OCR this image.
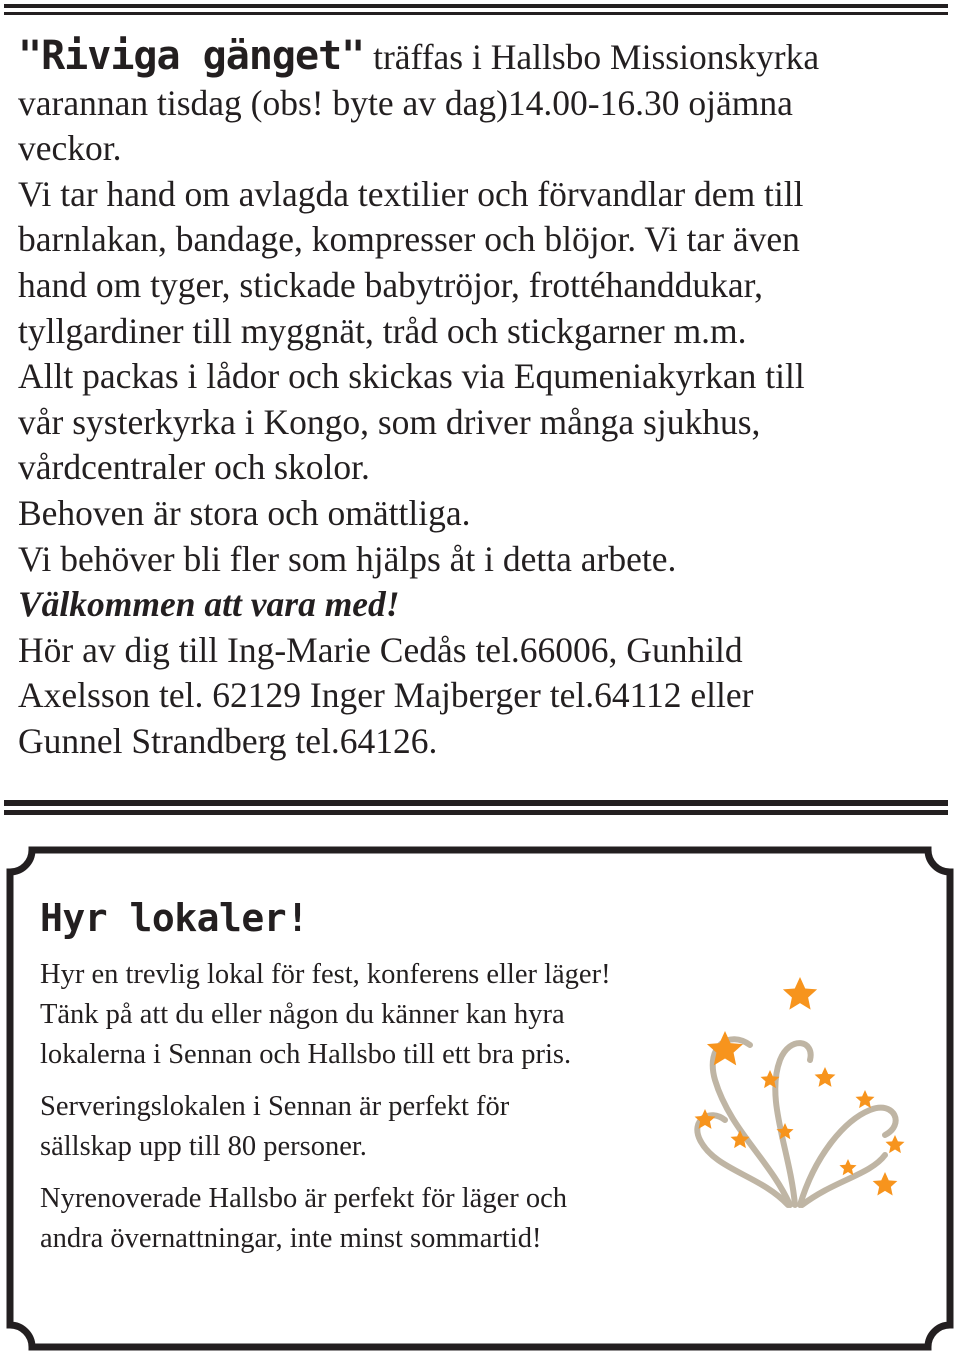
"Riviga gänget" träffas i Hallsbo Missionskyrka

varannan tisdag (obs! byte av dag)14.00-16.30 ojämna

veckor.

Vi tar hand om avlagda textilier och förvandlar dem till

barnlakan, bandage, kompresser och blöjor. Vi tar även

hand om tyger, stickade babytröjor, frottéhanddukar,

tyllgardiner till myggnät, tråd och stickgarner m.m.

Allt packas i lådor och skickas via Equmeniakyrkan till

vår systerkyrka i Kongo, som driver många sjukhus,

vårdcentraler och skolor.

Behoven är stora och omättliga.

Vi behöver bli fler som hjälps åt i detta arbete.

Välkommen att vara med!

Hör av dig till Ing-Marie Cedås tel.66006, Gunhild

Axelsson tel. 62129 Inger Majberger tel.64112 eller

Gunnel Strandberg tel.64126.

Hyr lokaler!

Hyr en trevlig lokal för fest, konferens eller läger!
Tänk på att du eller någon du känner kan hyra
lokalerna i Sennan och Hallsbo till ett bra pris.

Serveringslokalen i Sennan är perfekt för
sällskap upp till 80 personer.

Nyrenoverade Hallsbo är perfekt för läger och
andra övernattningar, inte minst sommartid!
